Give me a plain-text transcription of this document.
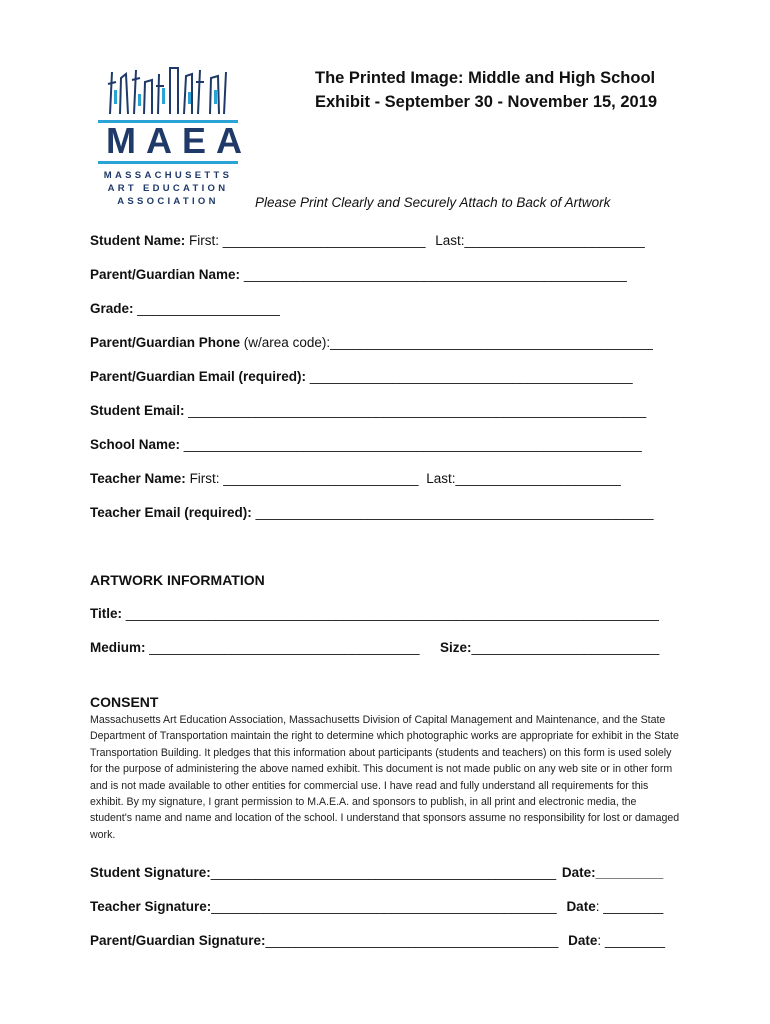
MAEA
MASSACHUSETTS
ART EDUCATION
ASSOCIATION
The Printed Image: Middle and High School
Exhibit - September 30 - November 15, 2019
Please Print Clearly and Securely Attach to Back of Artwork
Student Name: First: ___________________________ Last:________________________
Parent/Guardian Name: ___________________________________________________
Grade: ___________________
Parent/Guardian Phone (w/area code):___________________________________________
Parent/Guardian Email (required): ___________________________________________
Student Email: _____________________________________________________________
School Name: _____________________________________________________________
Teacher Name: First: __________________________ Last:______________________
Teacher Email (required): _____________________________________________________
ARTWORK INFORMATION
Title: _______________________________________________________________________
Medium: ____________________________________ Size:_________________________
CONSENT
Massachusetts Art Education Association, Massachusetts Division of Capital Management and Maintenance, and the State Department of Transportation maintain the right to determine which photographic works are appropriate for exhibit in the State Transportation Building. It pledges that this information about participants (students and teachers) on this form is used solely for the purpose of administering the above named exhibit. This document is not made public on any web site or in other form and is not made available to other entities for commercial use. I have read and fully understand all requirements for this exhibit. By my signature, I grant permission to M.A.E.A. and sponsors to publish, in all print and electronic media, the student's name and name and location of the school. I understand that sponsors assume no responsibility for lost or damaged work.
Student Signature:______________________________________________ Date:_________
Teacher Signature:______________________________________________ Date: ________
Parent/Guardian Signature:_______________________________________ Date: ________
